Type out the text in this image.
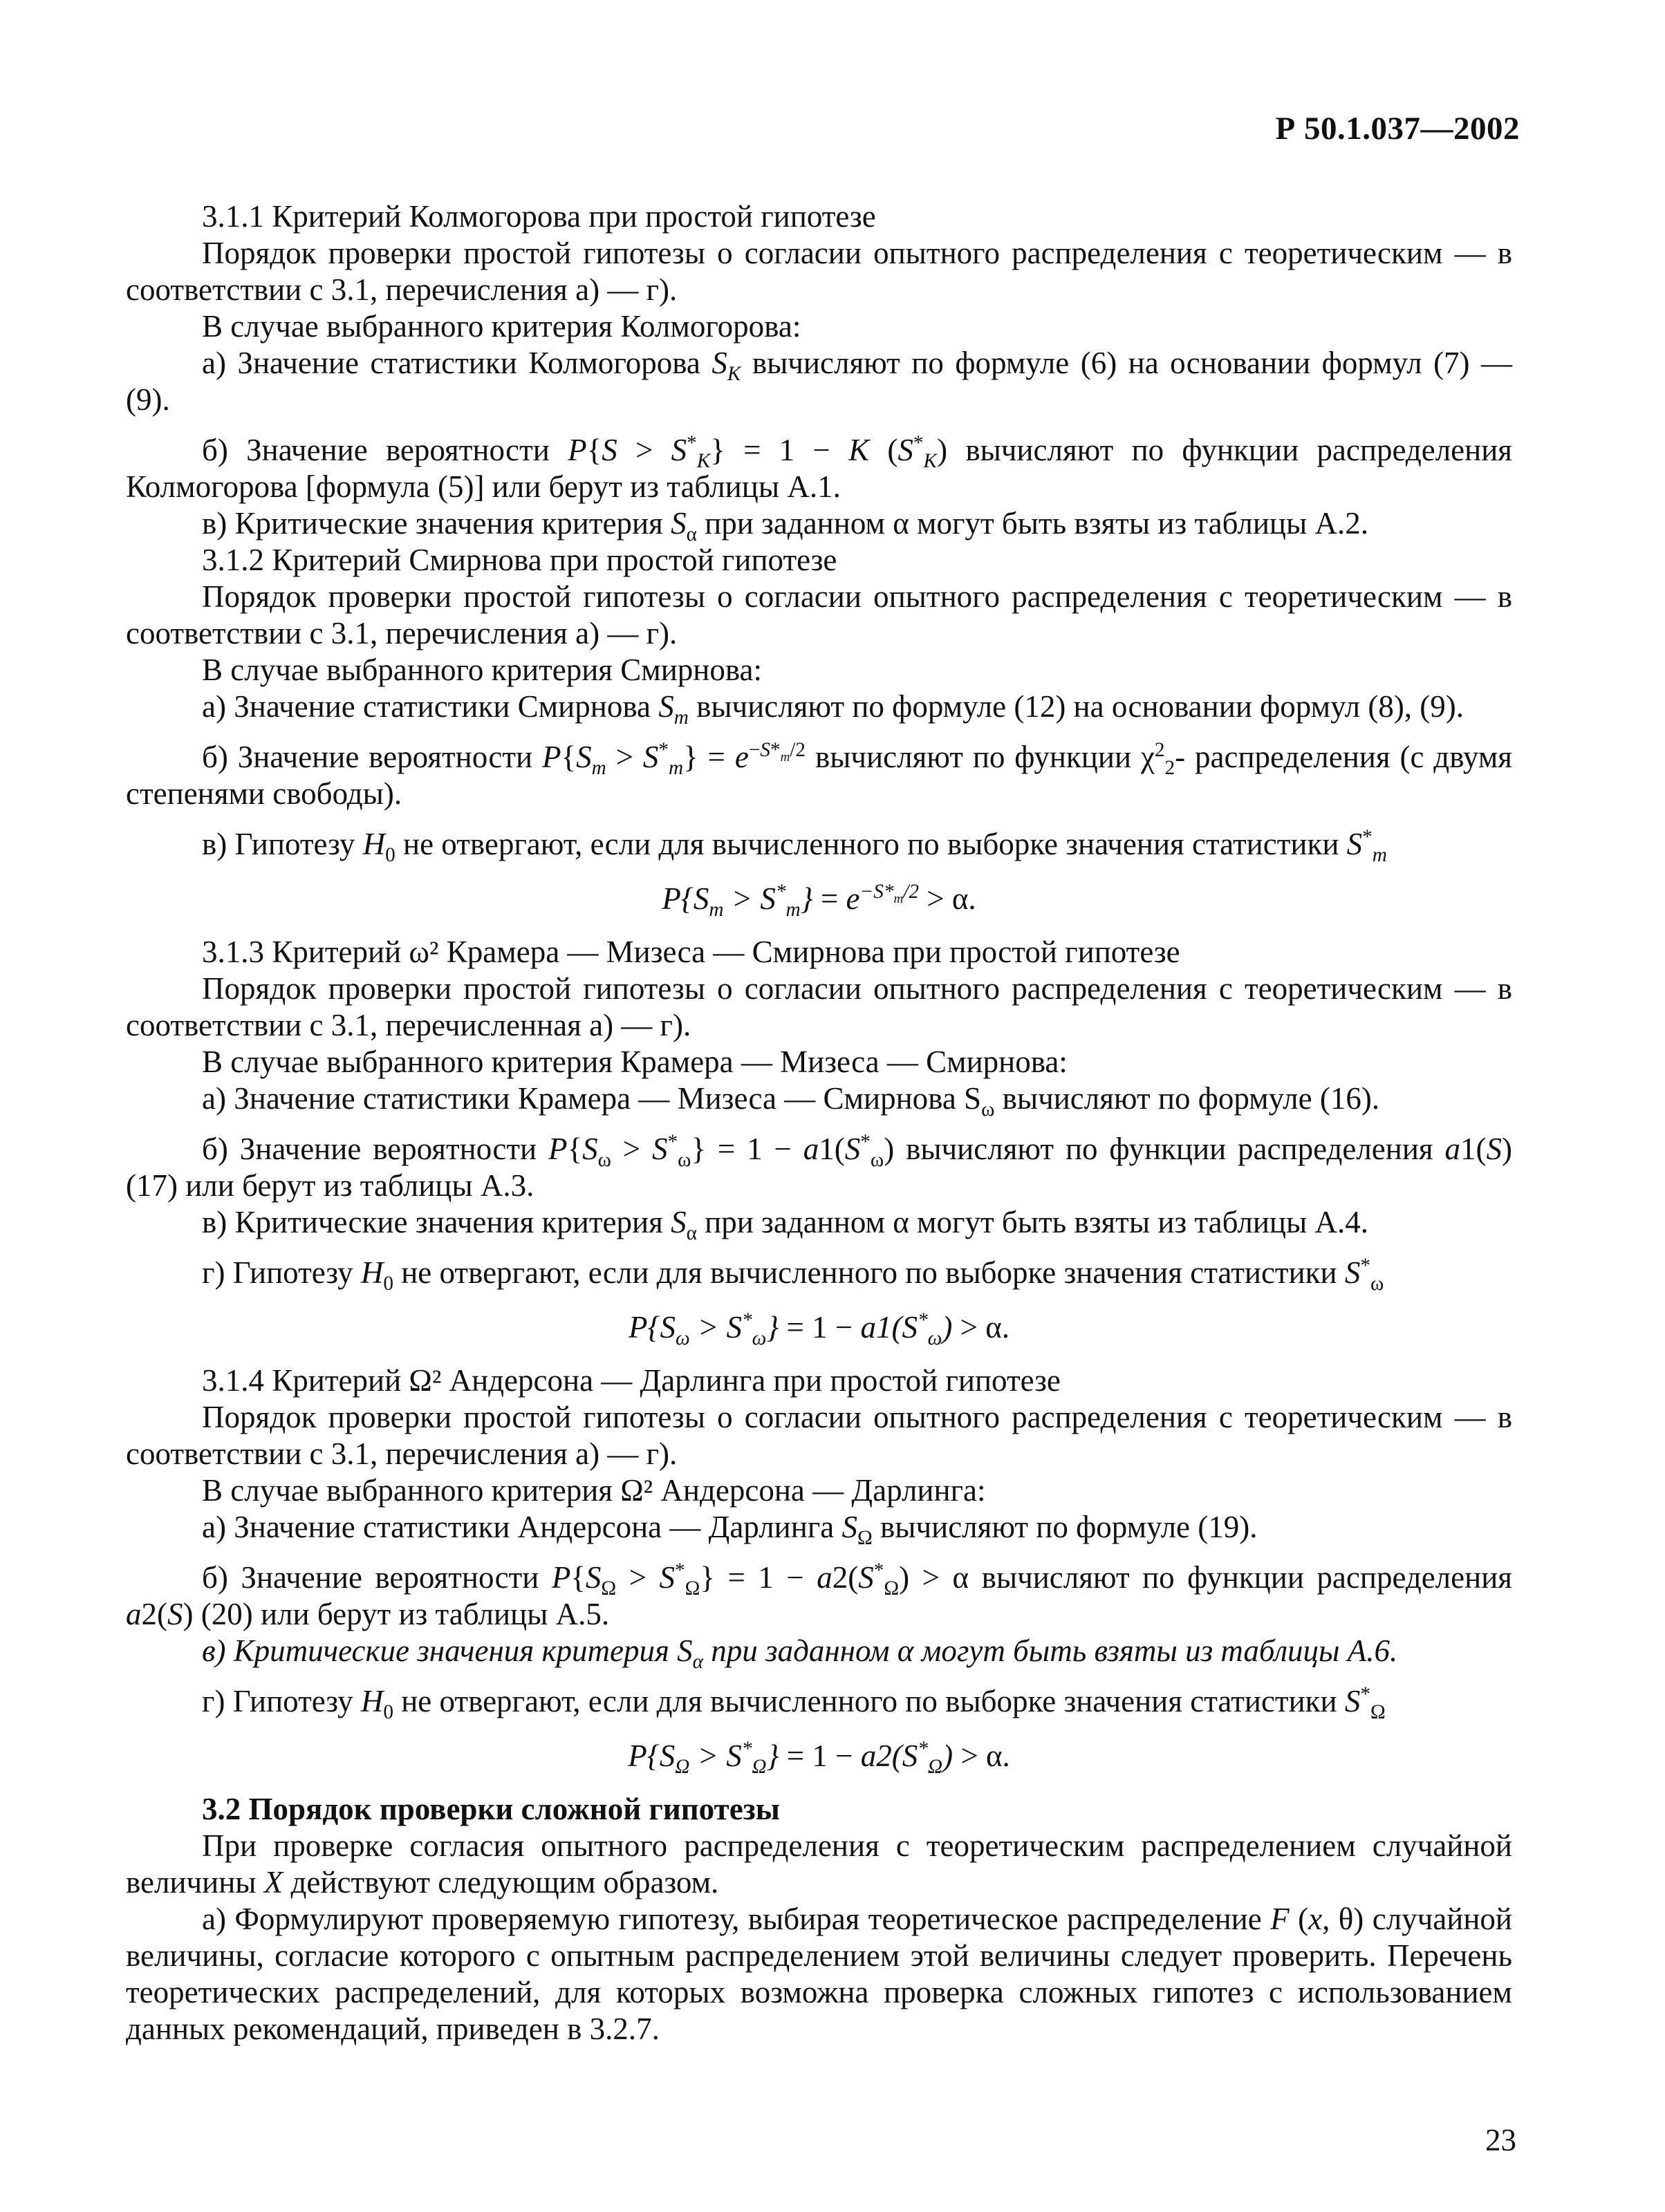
Р 50.1.037—2002

3.1.1 Критерий Колмогорова при простой гипотезе

Порядок проверки простой гипотезы о согласии опытного распределения с теоретическим — в соответствии с 3.1, перечисления а) — г).

В случае выбранного критерия Колмогорова:

а) Значение статистики Колмогорова $S_K$ вычисляют по формуле (6) на основании формул (7) — (9).

б) Значение вероятности $P\{S > S^*_K\} = 1 - K$ $(S^*_K)$ вычисляют по функции распределения Колмогорова [формула (5)] или берут из таблицы А.1.

в) Критические значения критерия $S_\alpha$ при заданном α могут быть взяты из таблицы А.2.

3.1.2 Критерий Смирнова при простой гипотезе

Порядок проверки простой гипотезы о согласии опытного распределения с теоретическим — в соответствии с 3.1, перечисления а) — г).

В случае выбранного критерия Смирнова:

а) Значение статистики Смирнова $S_m$ вычисляют по формуле (12) на основании формул (8), (9).

б) Значение вероятности $P\{S_m > S^*_m\} = e^{-S*_m/2}$ вычисляют по функции $\chi^2_2-$ распределения (с двумя степенями свободы).

в) Гипотезу $H_0$ не отвергают, если для вычисленного по выборке значения статистики $S^*_m$

$P\{S_m > S^*_m\} = e^{-S*_m/2} > \alpha$.

3.1.3 Критерий ω² Крамера — Мизеса — Смирнова при простой гипотезе

Порядок проверки простой гипотезы о согласии опытного распределения с теоретическим — в соответствии с 3.1, перечисленная а) — г).

В случае выбранного критерия Крамера — Мизеса — Смирнова:

а) Значение статистики Крамера — Мизеса — Смирнова $S_\omega$ вычисляют по формуле (16).

б) Значение вероятности $P\{S_\omega > S^*_\omega\} = 1 - a1(S^*_\omega)$ вычисляют по функции распределения a1(S) (17) или берут из таблицы А.3.

в) Критические значения критерия $S_\alpha$ при заданном α могут быть взяты из таблицы А.4.

г) Гипотезу $H_0$ не отвергают, если для вычисленного по выборке значения статистики $S^*_\omega$

$P\{S_\omega > S^*_\omega\} = 1 - a1(S^*_\omega) > \alpha$.

3.1.4 Критерий Ω² Андерсона — Дарлинга при простой гипотезе

Порядок проверки простой гипотезы о согласии опытного распределения с теоретическим — в соответствии с 3.1, перечисления а) — г).

В случае выбранного критерия Ω² Андерсона — Дарлинга:

а) Значение статистики Андерсона — Дарлинга $S_\Omega$ вычисляют по формуле (19).

б) Значение вероятности $P\{S_\Omega > S^*_\Omega\} = 1 - a2(S^*_\Omega) > \alpha$ вычисляют по функции распределения a2(S) (20) или берут из таблицы А.5.

в) Критические значения критерия $S_\alpha$ при заданном α могут быть взяты из таблицы А.6.

г) Гипотезу $H_0$ не отвергают, если для вычисленного по выборке значения статистики $S^*_\Omega$

$P\{S_\Omega > S^*_\Omega\} = 1 - a2(S^*_\Omega) > \alpha$.

3.2 Порядок проверки сложной гипотезы

При проверке согласия опытного распределения с теоретическим распределением случайной величины X действуют следующим образом.

а) Формулируют проверяемую гипотезу, выбирая теоретическое распределение F (x, θ) случайной величины, согласие которого с опытным распределением этой величины следует проверить. Перечень теоретических распределений, для которых возможна проверка сложных гипотез с использованием данных рекомендаций, приведен в 3.2.7.

23
